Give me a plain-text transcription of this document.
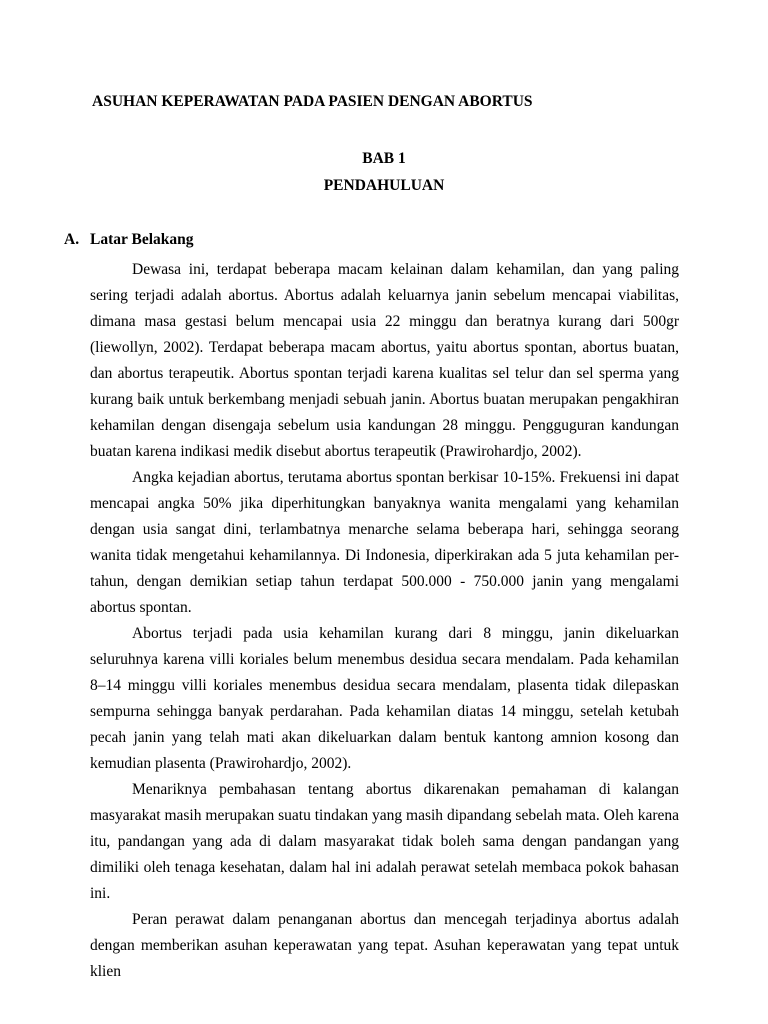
ASUHAN KEPERAWATAN PADA PASIEN DENGAN ABORTUS
BAB 1
PENDAHULUAN
A. Latar Belakang

Dewasa ini, terdapat beberapa macam kelainan dalam kehamilan, dan yang paling sering terjadi adalah abortus. Abortus adalah keluarnya janin sebelum mencapai viabilitas, dimana masa gestasi belum mencapai usia 22 minggu dan beratnya kurang dari 500gr (liewollyn, 2002). Terdapat beberapa macam abortus, yaitu abortus spontan, abortus buatan, dan abortus terapeutik. Abortus spontan terjadi karena kualitas sel telur dan sel sperma yang kurang baik untuk berkembang menjadi sebuah janin. Abortus buatan merupakan pengakhiran kehamilan dengan disengaja sebelum usia kandungan 28 minggu. Pengguguran kandungan buatan karena indikasi medik disebut abortus terapeutik (Prawirohardjo, 2002).

Angka kejadian abortus, terutama abortus spontan berkisar 10-15%. Frekuensi ini dapat mencapai angka 50% jika diperhitungkan banyaknya wanita mengalami yang kehamilan dengan usia sangat dini, terlambatnya menarche selama beberapa hari, sehingga seorang wanita tidak mengetahui kehamilannya. Di Indonesia, diperkirakan ada 5 juta kehamilan per-tahun, dengan demikian setiap tahun terdapat 500.000 - 750.000 janin yang mengalami abortus spontan.

Abortus terjadi pada usia kehamilan kurang dari 8 minggu, janin dikeluarkan seluruhnya karena villi koriales belum menembus desidua secara mendalam. Pada kehamilan 8–14 minggu villi koriales menembus desidua secara mendalam, plasenta tidak dilepaskan sempurna sehingga banyak perdarahan. Pada kehamilan diatas 14 minggu, setelah ketubah pecah janin yang telah mati akan dikeluarkan dalam bentuk kantong amnion kosong dan kemudian plasenta (Prawirohardjo, 2002).

Menariknya pembahasan tentang abortus dikarenakan pemahaman di kalangan masyarakat masih merupakan suatu tindakan yang masih dipandang sebelah mata. Oleh karena itu, pandangan yang ada di dalam masyarakat tidak boleh sama dengan pandangan yang dimiliki oleh tenaga kesehatan, dalam hal ini adalah perawat setelah membaca pokok bahasan ini.

Peran perawat dalam penanganan abortus dan mencegah terjadinya abortus adalah dengan memberikan asuhan keperawatan yang tepat. Asuhan keperawatan yang tepat untuk klien
